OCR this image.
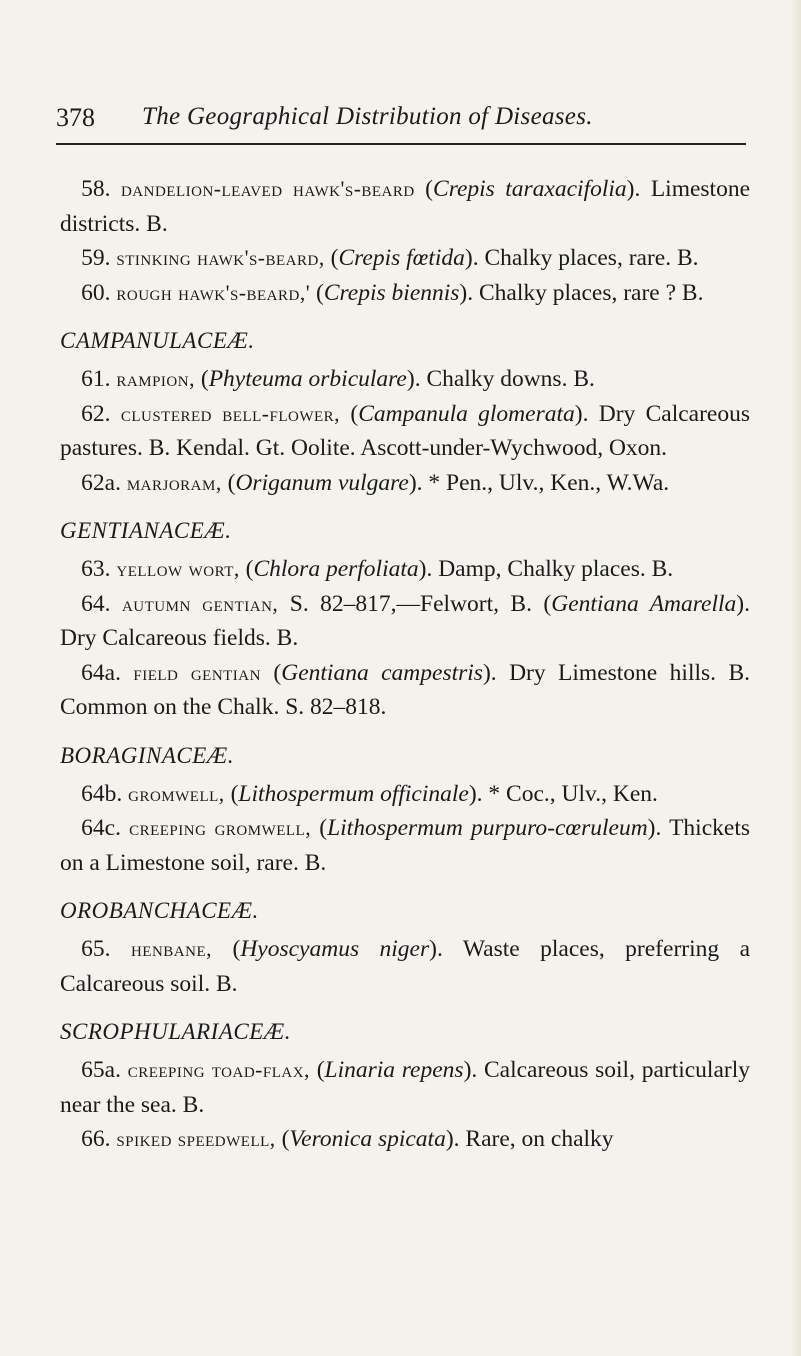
378 The Geographical Distribution of Diseases.

58. dandelion-leaved hawk's-beard (Crepis taraxacifolia). Limestone districts. B.

59. stinking hawk's-beard, (Crepis fœtida). Chalky places, rare. B.

60. rough hawk's-beard,' (Crepis biennis). Chalky places, rare ? B.

CAMPANULACEÆ.

61. rampion, (Phyteuma orbiculare). Chalky downs. B.

62. clustered bell-flower, (Campanula glomerata). Dry Calcareous pastures. B. Kendal. Gt. Oolite. Ascott-under-Wychwood, Oxon.

62a. marjoram, (Origanum vulgare). * Pen., Ulv., Ken., W.Wa.

GENTIANACEÆ.

63. yellow wort, (Chlora perfoliata). Damp, Chalky places. B.

64. autumn gentian, S. 82–817,—Felwort, B. (Gentiana Amarella). Dry Calcareous fields. B.

64a. field gentian (Gentiana campestris). Dry Limestone hills. B. Common on the Chalk. S. 82–818.

BORAGINACEÆ.

64b. gromwell, (Lithospermum officinale). * Coc., Ulv., Ken.

64c. creeping gromwell, (Lithospermum purpuro-cœruleum). Thickets on a Limestone soil, rare. B.

OROBANCHACEÆ.

65. henbane, (Hyoscyamus niger). Waste places, preferring a Calcareous soil. B.

SCROPHULARIACEÆ.

65a. creeping toad-flax, (Linaria repens). Calcareous soil, particularly near the sea. B.

66. spiked speedwell, (Veronica spicata). Rare, on chalky
